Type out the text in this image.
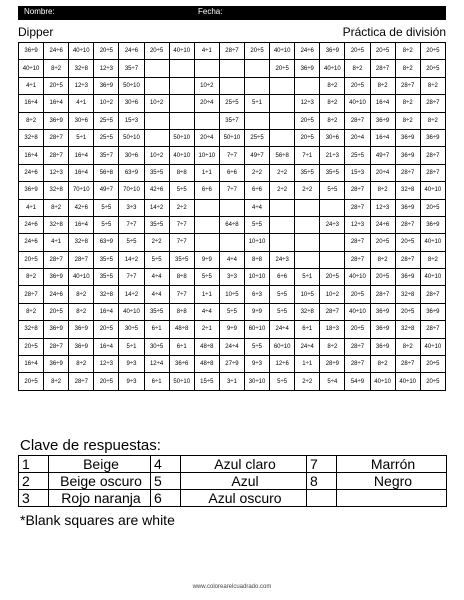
Nombre:	Fecha:
Dipper	Práctica de división
36÷9	24÷6	40÷10	20÷5	24÷6	20÷5	40÷10	4÷1	28÷7	20÷5	40÷10	24÷6	36÷9	20÷5	20÷5	8÷2	20÷5
40÷10	8÷2	32÷8	12÷3	35÷7						20÷5	36÷9	40÷10	8÷2	28÷7	8÷2	20÷5
4÷1	20÷5	12÷3	36÷9	50÷10			10÷2					8÷2	20÷5	8÷2	28÷7	8÷2
16÷4	16÷4	4÷1	10÷2	30÷6	10÷2		20÷4	25÷5	5÷1		12÷3	8÷2	40÷10	16÷4	8÷2	28÷7
8÷2	36÷9	30÷6	25÷5	15÷3				35÷7			20÷5	8÷2	28÷7	36÷9	8÷2	8÷2
32÷8	28÷7	5÷1	25÷5	50÷10		50÷10	20÷4	50÷10	25÷5		20÷5	30÷6	20÷4	16÷4	36÷9	36÷9
16÷4	28÷7	16÷4	35÷7	30÷6	10÷2	40÷10	10÷10	7÷7	49÷7	56÷8	7÷1	21÷3	25÷5	49÷7	36÷9	28÷7
24÷6	12÷3	16÷4	56÷8	63÷9	35÷5	8÷8	1÷1	6÷6	2÷2	2÷2	35÷5	35÷5	15÷3	20÷4	28÷7	28÷7
36÷9	32÷8	70÷10	49÷7	70÷10	42÷6	5÷5	6÷6	7÷7	6÷6	2÷2	2÷2	5÷5	28÷7	8÷2	32÷8	40÷10
4÷1	8÷2	42÷6	5÷5	3÷3	14÷2	2÷2			4÷4				28÷7	12÷3	36÷9	20÷5
24÷6	32÷8	16÷4	5÷5	7÷7	35÷5	7÷7		64÷8	5÷5			24÷3	12÷3	24÷6	28÷7	36÷9
24÷6	4÷1	32÷8	63÷9	5÷5	2÷2	7÷7			10÷10				28÷7	20÷5	20÷5	40÷10
20÷5	28÷7	28÷7	35÷5	14÷2	5÷5	35÷5	9÷9	4÷4	8÷8	24÷3			28÷7	8÷2	28÷7	8÷2
8÷2	36÷9	40÷10	35÷5	7÷7	4÷4	8÷8	5÷5	3÷3	10÷10	6÷6	5÷1	20÷5	40÷10	20÷5	36÷9	40÷10
28÷7	24÷6	8÷2	32÷8	14÷2	4÷4	7÷7	1÷1	10÷5	6÷3	5÷5	10÷5	10÷2	20÷5	28÷7	32÷8	28÷7
8÷2	20÷5	8÷2	16÷4	40÷10	35÷5	8÷8	4÷4	5÷5	9÷9	5÷5	32÷8	28÷7	40÷10	36÷9	20÷5	36÷9
32÷8	36÷9	36÷9	20÷5	30÷5	6÷1	48÷8	2÷1	9÷9	60÷10	24÷4	6÷1	18÷3	20÷5	36÷9	32÷8	28÷7
20÷5	28÷7	36÷9	16÷4	5÷1	30÷5	6÷1	48÷8	24÷4	5÷5	60÷10	24÷4	8÷2	28÷7	36÷9	8÷2	40÷10
16÷4	36÷9	8÷2	12÷3	9÷3	12÷4	36÷6	48÷8	27÷9	9÷3	12÷6	1÷1	28÷9	28÷7	8÷2	28÷7	20÷5
20÷5	8÷2	28÷7	20÷5	9÷3	6÷1	50÷10	15÷5	3÷1	30÷10	5÷5	2÷2	5÷4	54÷9	40÷10	40÷10	20÷5
Clave de respuestas:
1	Beige	4	Azul claro	7	Marrón
2	Beige oscuro	5	Azul	8	Negro
3	Rojo naranja	6	Azul oscuro		
*Blank squares are white
www.colorearelcuadrado.com
